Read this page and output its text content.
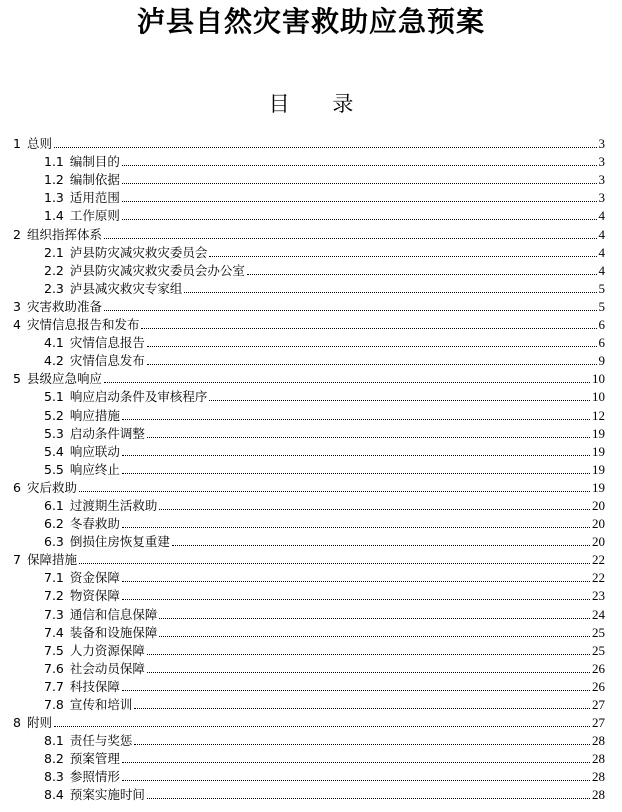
泸县自然灾害救助应急预案
目 录
1 总则	3
1.1 编制目的	3
1.2 编制依据	3
1.3 适用范围	3
1.4 工作原则	4
2 组织指挥体系	4
2.1 泸县防灾减灾救灾委员会	4
2.2 泸县防灾减灾救灾委员会办公室	4
2.3 泸县减灾救灾专家组	5
3 灾害救助准备	5
4 灾情信息报告和发布	6
4.1 灾情信息报告	6
4.2 灾情信息发布	9
5 县级应急响应	10
5.1 响应启动条件及审核程序	10
5.2 响应措施	12
5.3 启动条件调整	19
5.4 响应联动	19
5.5 响应终止	19
6 灾后救助	19
6.1 过渡期生活救助	20
6.2 冬春救助	20
6.3 倒损住房恢复重建	20
7 保障措施	22
7.1 资金保障	22
7.2 物资保障	23
7.3 通信和信息保障	24
7.4 装备和设施保障	25
7.5 人力资源保障	25
7.6 社会动员保障	26
7.7 科技保障	26
7.8 宣传和培训	27
8 附则	27
8.1 责任与奖惩	28
8.2 预案管理	28
8.3 参照情形	28
8.4 预案实施时间	28
